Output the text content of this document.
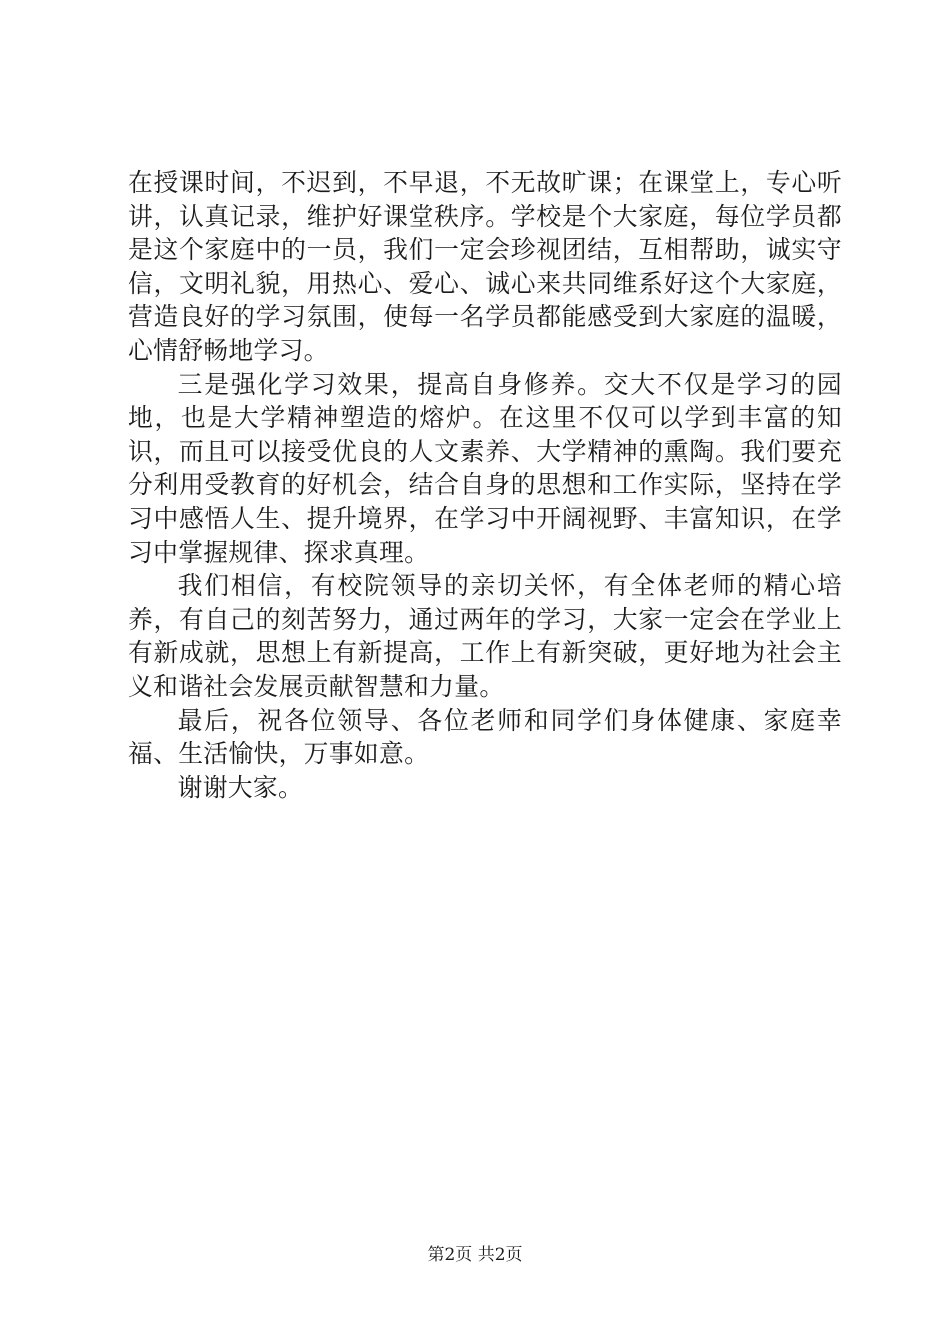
在授课时间，不迟到，不早退，不无故旷课；在课堂上，专心听讲，认真记录，维护好课堂秩序。学校是个大家庭，每位学员都是这个家庭中的一员，我们一定会珍视团结，互相帮助，诚实守信，文明礼貌，用热心、爱心、诚心来共同维系好这个大家庭，营造良好的学习氛围，使每一名学员都能感受到大家庭的温暖，心情舒畅地学习。

三是强化学习效果，提高自身修养。交大不仅是学习的园地，也是大学精神塑造的熔炉。在这里不仅可以学到丰富的知识，而且可以接受优良的人文素养、大学精神的熏陶。我们要充分利用受教育的好机会，结合自身的思想和工作实际，坚持在学习中感悟人生、提升境界，在学习中开阔视野、丰富知识，在学习中掌握规律、探求真理。

我们相信，有校院领导的亲切关怀，有全体老师的精心培养，有自己的刻苦努力，通过两年的学习，大家一定会在学业上有新成就，思想上有新提高，工作上有新突破，更好地为社会主义和谐社会发展贡献智慧和力量。

最后，祝各位领导、各位老师和同学们身体健康、家庭幸福、生活愉快，万事如意。

谢谢大家。

第2页 共2页
